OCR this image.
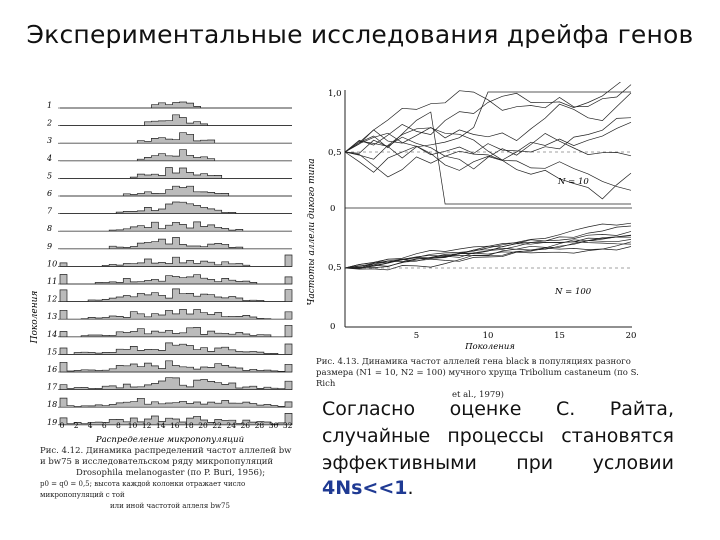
Экспериментальные исследования дрейфа генов
1
2
3
4
5
6
7
8
9
10
11
12
13
14
15
16
17
18
19
Поколения
0 2 4 6 8 10 12 14 16 18 20 22 24 26 28 30 32
Распределение микропопуляций
Рис. 4.12. Динамика распределений частот аллелей bw
и bw75 в исследовательском ряду микропопуляций
Drosophila melanogaster (по P. Buri, 1956);
p0 = q0 = 0,5; высота каждой колонки отражает число микропопуляций с той
или иной частотой аллеля bw75
Частоты аллели дикого типа
1,0
0,5
0
0,5
0
N = 10
N = 100
5	10	15	20
Поколения
Рис. 4.13. Динамика частот аллелей гена black в популяциях разного
размера (N1 = 10, N2 = 100) мучного хруща Tribolium castaneum (по S. Rich
et al., 1979)
Согласно оценке С. Райта, случайные процессы становятся эффективными при условии
4Ns<<1.
